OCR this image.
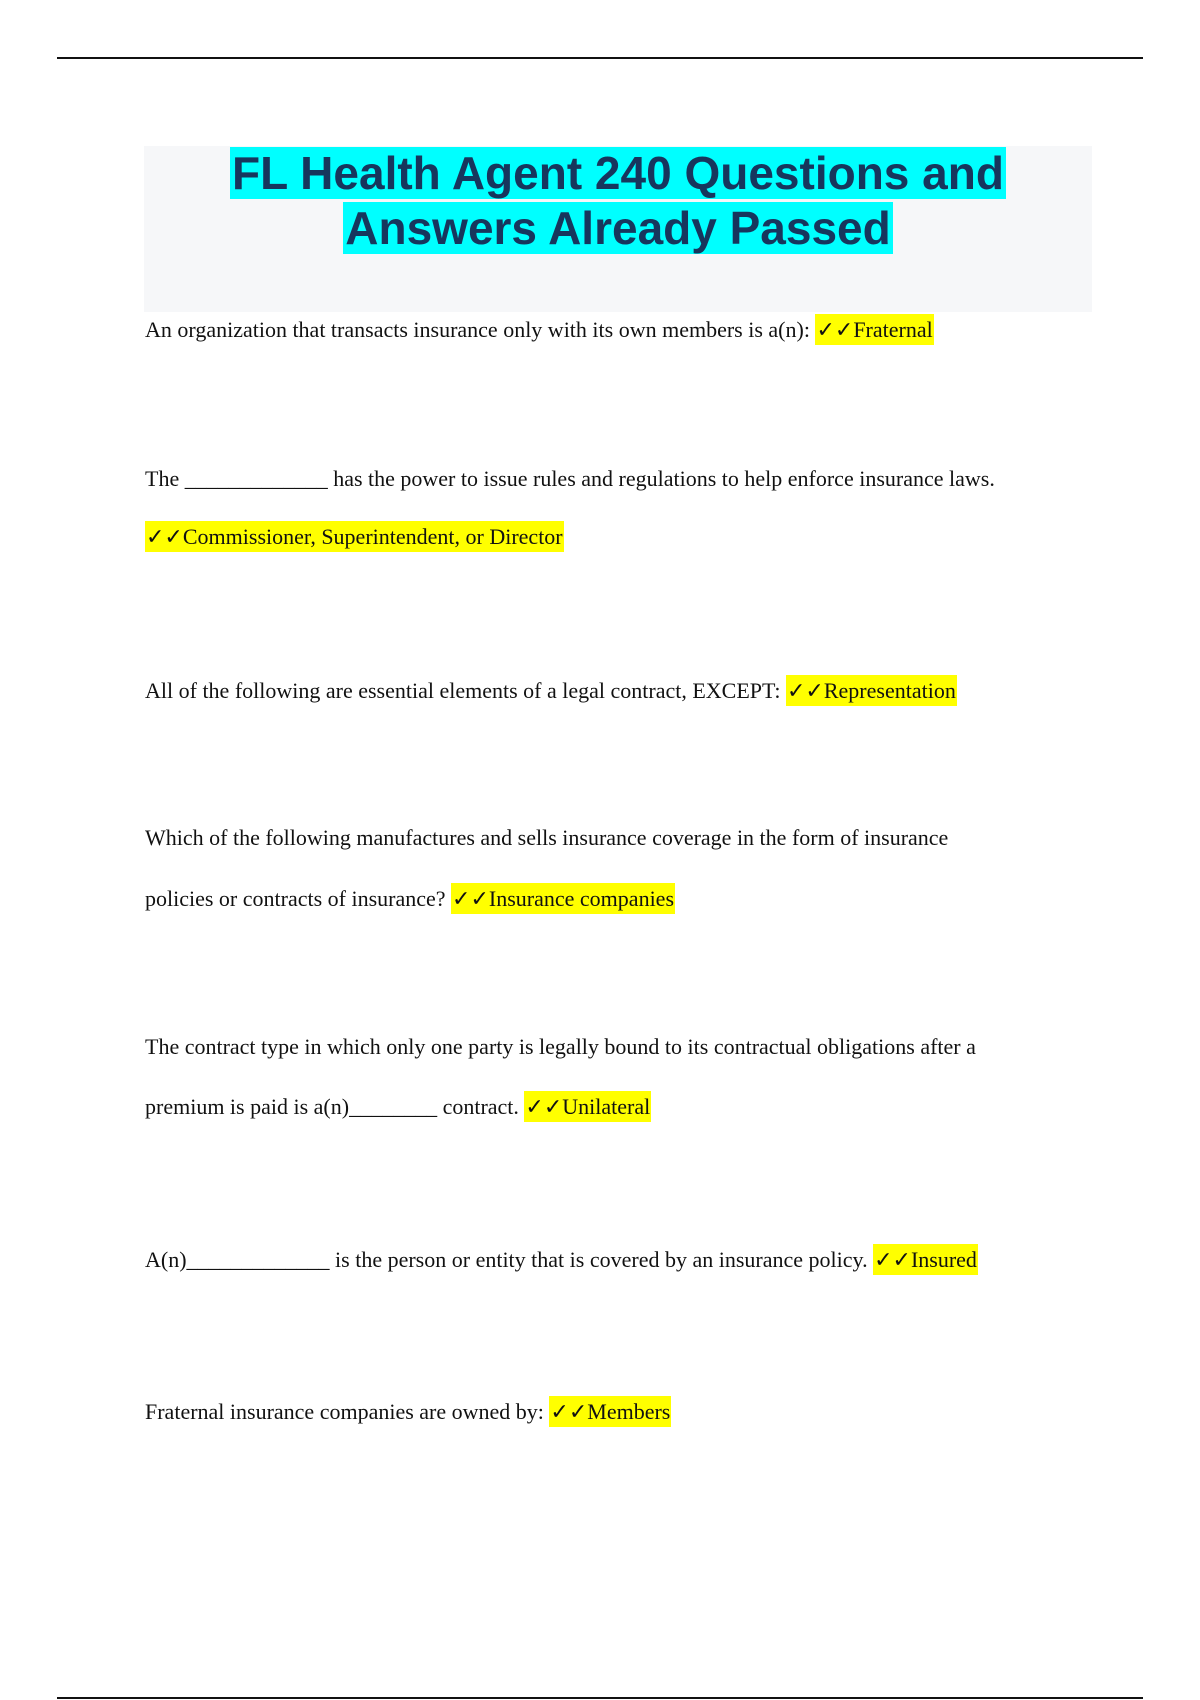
FL Health Agent 240 Questions and
Answers Already Passed

An organization that transacts insurance only with its own members is a(n): ✓✓Fraternal

The _____________ has the power to issue rules and regulations to help enforce insurance laws.

✓✓Commissioner, Superintendent, or Director

All of the following are essential elements of a legal contract, EXCEPT: ✓✓Representation

Which of the following manufactures and sells insurance coverage in the form of insurance

policies or contracts of insurance? ✓✓Insurance companies

The contract type in which only one party is legally bound to its contractual obligations after a

premium is paid is a(n)________ contract. ✓✓Unilateral

A(n)_____________ is the person or entity that is covered by an insurance policy. ✓✓Insured

Fraternal insurance companies are owned by: ✓✓Members
